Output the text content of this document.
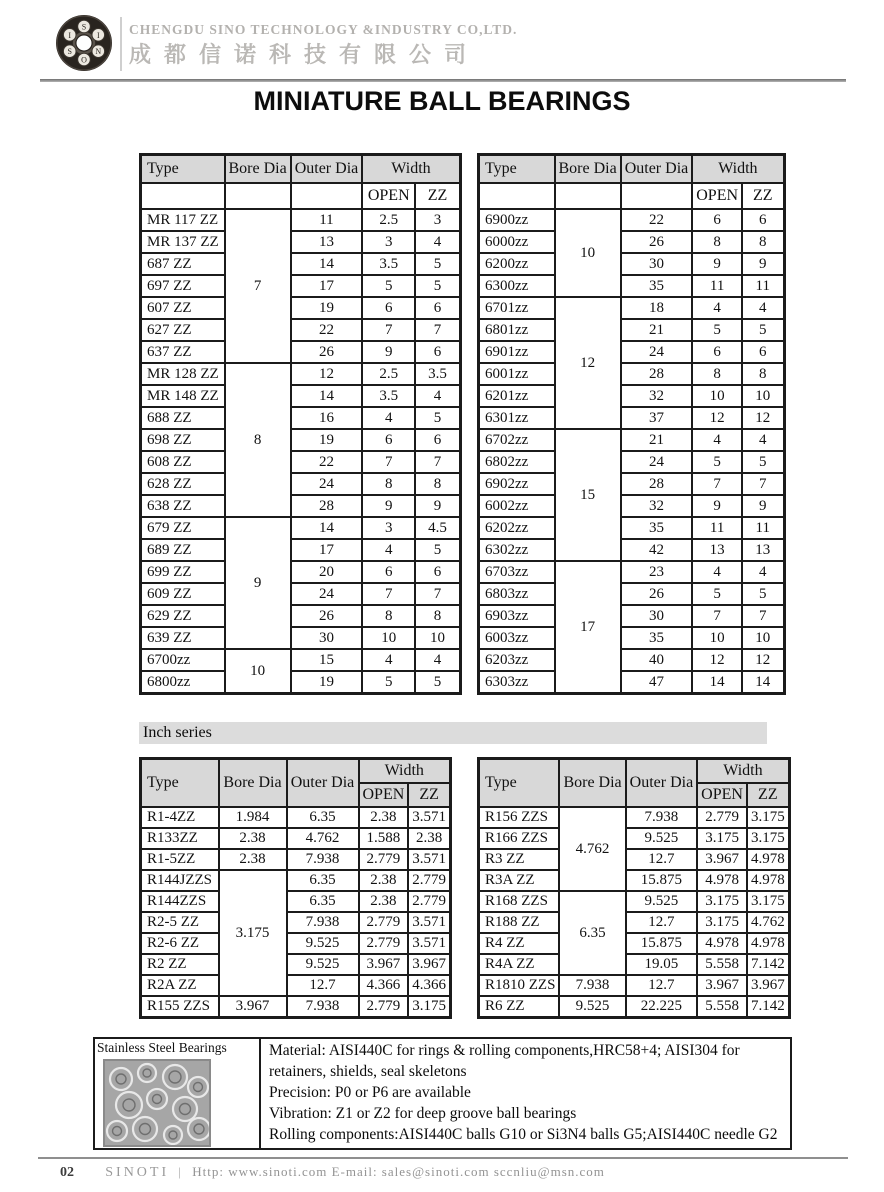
S
I
N
O
S
I	CHENGDU SINO TECHNOLOGY &INDUSTRY CO,LTD.
成都信诺科技有限公司
MINIATURE BALL BEARINGS
Type	Bore Dia	Outer Dia	Width	
			OPEN	ZZ
MR 117 ZZ	7	11	2.5	3
MR 137 ZZ		13	3	4
687 ZZ		14	3.5	5
697 ZZ		17	5	5
607 ZZ		19	6	6
627 ZZ		22	7	7
637 ZZ		26	9	6
MR 128 ZZ	8	12	2.5	3.5
MR 148 ZZ		14	3.5	4
688 ZZ		16	4	5
698 ZZ		19	6	6
608 ZZ		22	7	7
628 ZZ		24	8	8
638 ZZ		28	9	9
679 ZZ	9	14	3	4.5
689 ZZ		17	4	5
699 ZZ		20	6	6
609 ZZ		24	7	7
629 ZZ		26	8	8
639 ZZ		30	10	10
6700zz	10	15	4	4
6800zz		19	5	5
Type	Bore Dia	Outer Dia	Width	
			OPEN	ZZ
6900zz	10	22	6	6
6000zz		26	8	8
6200zz		30	9	9
6300zz		35	11	11
6701zz	12	18	4	4
6801zz		21	5	5
6901zz		24	6	6
6001zz		28	8	8
6201zz		32	10	10
6301zz		37	12	12
6702zz	15	21	4	4
6802zz		24	5	5
6902zz		28	7	7
6002zz		32	9	9
6202zz		35	11	11
6302zz		42	13	13
6703zz	17	23	4	4
6803zz		26	5	5
6903zz		30	7	7
6003zz		35	10	10
6203zz		40	12	12
6303zz		47	14	14
Inch series
Type	Bore Dia	Outer Dia	Width	
			OPEN	ZZ
R1-4ZZ	1.984	6.35	2.38	3.571
R133ZZ	2.38	4.762	1.588	2.38
R1-5ZZ	2.38	7.938	2.779	3.571
R144JZZS	3.175	6.35	2.38	2.779
R144ZZS		6.35	2.38	2.779
R2-5 ZZ		7.938	2.779	3.571
R2-6 ZZ		9.525	2.779	3.571
R2 ZZ		9.525	3.967	3.967
R2A ZZ		12.7	4.366	4.366
R155 ZZS	3.967	7.938	2.779	3.175
Type	Bore Dia	Outer Dia	Width	
			OPEN	ZZ
R156 ZZS	4.762	7.938	2.779	3.175
R166 ZZS		9.525	3.175	3.175
R3 ZZ		12.7	3.967	4.978
R3A ZZ		15.875	4.978	4.978
R168 ZZS	6.35	9.525	3.175	3.175
R188 ZZ		12.7	3.175	4.762
R4 ZZ		15.875	4.978	4.978
R4A ZZ		19.05	5.558	7.142
R1810 ZZS	7.938	12.7	3.967	3.967
R6 ZZ	9.525	22.225	5.558	7.142
Stainless Steel Bearings	Material: AISI440C for rings & rolling components,HRC58+4; AISI304 for retainers, shields, seal skeletons
Precision: P0 or P6 are available
Vibration: Z1 or Z2 for deep groove ball bearings
Rolling components:AISI440C balls G10 or Si3N4 balls G5;AISI440C needle G2
02 SINOTI | Http: www.sinoti.com E-mail: sales@sinoti.com sccnliu@msn.com
